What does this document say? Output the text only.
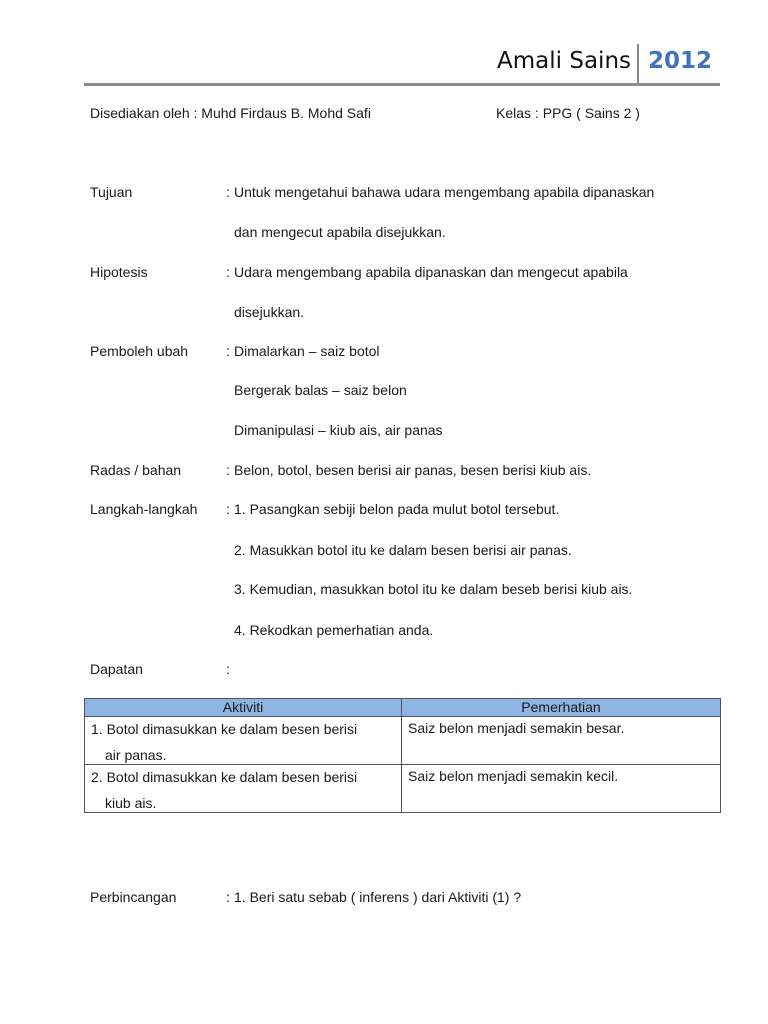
Amali Sains 2012
Disediakan oleh : Muhd Firdaus B. Mohd Safi	Kelas : PPG ( Sains 2 )
Tujuan	: Untuk mengetahui bahawa udara mengembang apabila dipanaskan
dan mengecut apabila disejukkan.
Hipotesis	: Udara mengembang apabila dipanaskan dan mengecut apabila
disejukkan.
Pemboleh ubah	: Dimalarkan – saiz botol
Bergerak balas – saiz belon
Dimanipulasi – kiub ais, air panas
Radas / bahan	: Belon, botol, besen berisi air panas, besen berisi kiub ais.
Langkah-langkah : 1. Pasangkan sebiji belon pada mulut botol tersebut.
2. Masukkan botol itu ke dalam besen berisi air panas.
3. Kemudian, masukkan botol itu ke dalam beseb berisi kiub ais.
4. Rekodkan pemerhatian anda.
Dapatan	:
Aktiviti	Pemerhatian

1. Botol dimasukkan ke dalam besen berisi
air panas.	Saiz belon menjadi semakin besar.

2. Botol dimasukkan ke dalam besen berisi
kiub ais.	Saiz belon menjadi semakin kecil.
Perbincangan	: 1. Beri satu sebab ( inferens ) dari Aktiviti (1) ?
